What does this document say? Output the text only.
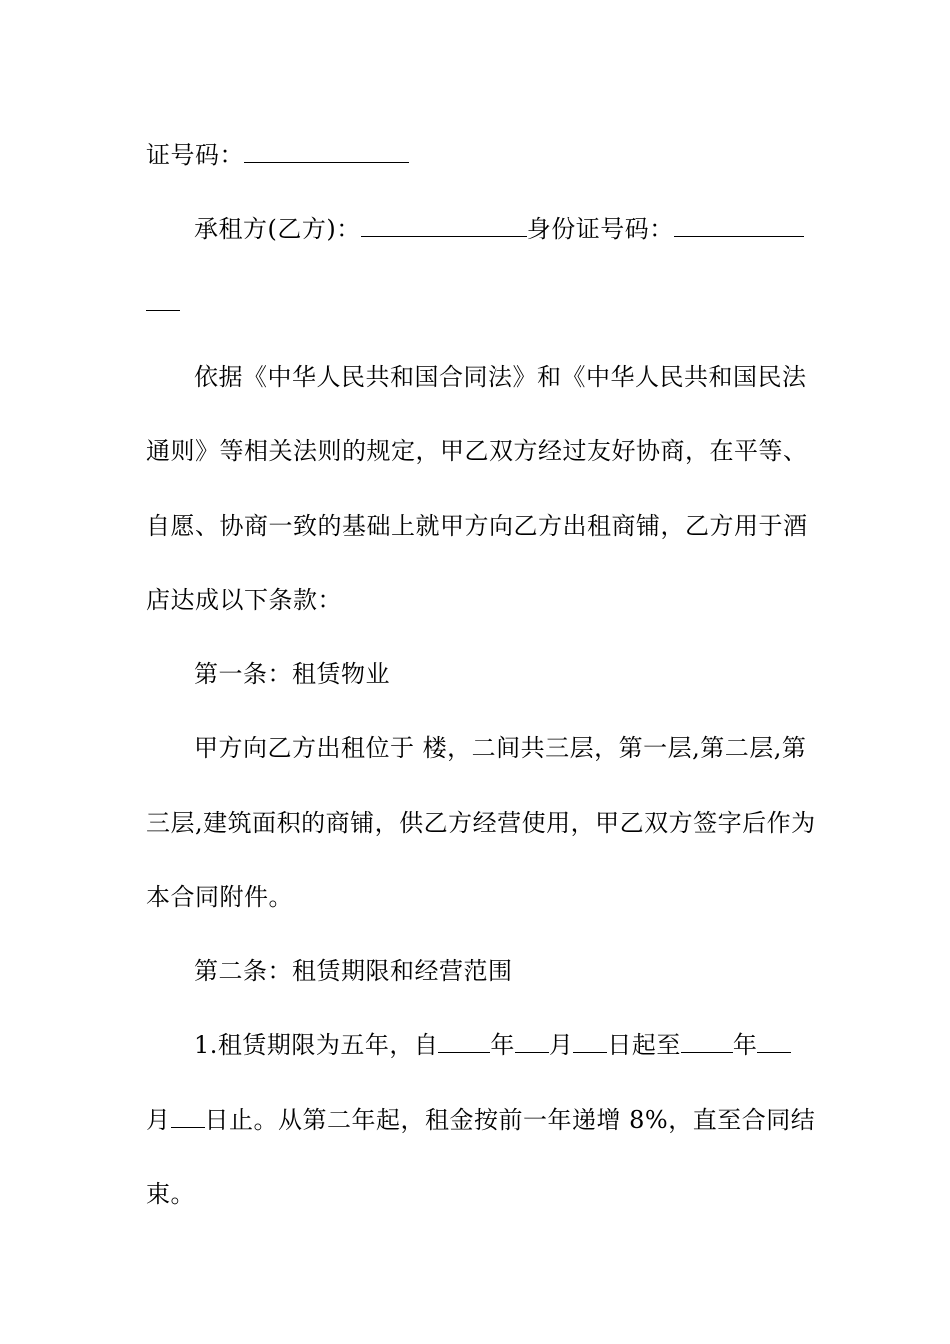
证号码：
承租方(乙方)：	身份证号码：
依据《中华人民共和国合同法》和《中华人民共和国民法
通则》等相关法则的规定，甲乙双方经过友好协商，在平等、
自愿、协商一致的基础上就甲方向乙方出租商铺，乙方用于酒
店达成以下条款：
第一条：租赁物业
甲方向乙方出租位于 楼，二间共三层，第一层,第二层,第
三层,建筑面积的商铺，供乙方经营使用，甲乙双方签字后作为
本合同附件。
第二条：租赁期限和经营范围
1.租赁期限为五年，自 年 月 日起至 年
月 日止。从第二年起，租金按前一年递增 8%，直至合同结
束。
